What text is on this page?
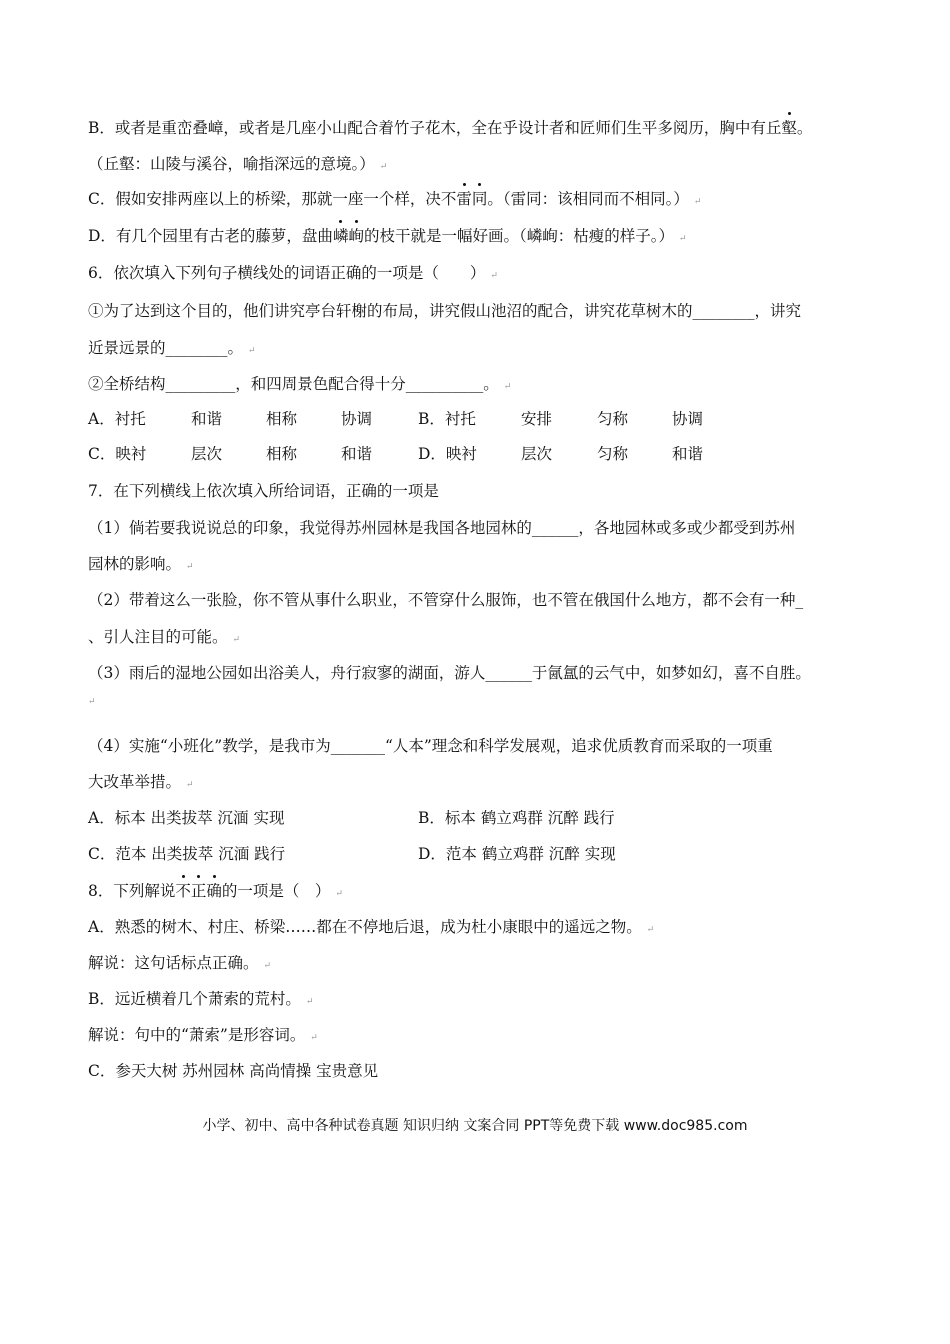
B．或者是重峦叠嶂，或者是几座小山配合着竹子花木，全在乎设计者和匠师们生平多阅历，胸中有丘壑。
（丘壑：山陵与溪谷，喻指深远的意境。） ↵
C．假如安排两座以上的桥梁，那就一座一个样，决不雷同。（雷同：该相同而不相同。） ↵
D．有几个园里有古老的藤萝，盘曲嶙峋的枝干就是一幅好画。（嶙峋：枯瘦的样子。） ↵
6．依次填入下列句子横线处的词语正确的一项是（　　） ↵
①为了达到这个目的，他们讲究亭台轩榭的布局，讲究假山池沼的配合，讲究花草树木的________，讲究
近景远景的________。 ↵
②全桥结构_________，和四周景色配合得十分__________。 ↵
A．衬托	和谐	相称	协调	B．衬托	安排	匀称	协调
C．映衬	层次	相称	和谐	D．映衬	层次	匀称	和谐
7．在下列横线上依次填入所给词语，正确的一项是
（1）倘若要我说说总的印象，我觉得苏州园林是我国各地园林的______，各地园林或多或少都受到苏州
园林的影响。 ↵
（2）带着这么一张脸，你不管从事什么职业，不管穿什么服饰，也不管在俄国什么地方，都不会有一种_
、引人注目的可能。 ↵
（3）雨后的湿地公园如出浴美人，舟行寂寥的湖面，游人______于氤氲的云气中，如梦如幻，喜不自胜。
↵
（4）实施“小班化”教学，是我市为_______“人本”理念和科学发展观，追求优质教育而采取的一项重
大改革举措。 ↵
A．标本 出类拔萃 沉湎 实现	B．标本 鹤立鸡群 沉醉 践行
C．范本 出类拔萃 沉湎 践行	D．范本 鹤立鸡群 沉醉 实现
8．下列解说不正确的一项是（　） ↵
A．熟悉的树木、村庄、桥梁……都在不停地后退，成为杜小康眼中的遥远之物。 ↵
解说：这句话标点正确。 ↵
B．远近横着几个萧索的荒村。 ↵
解说：句中的“萧索”是形容词。 ↵
C．参天大树 苏州园林 高尚情操 宝贵意见
小学、初中、高中各种试卷真题 知识归纳 文案合同 PPT等免费下载 www.doc985.com
